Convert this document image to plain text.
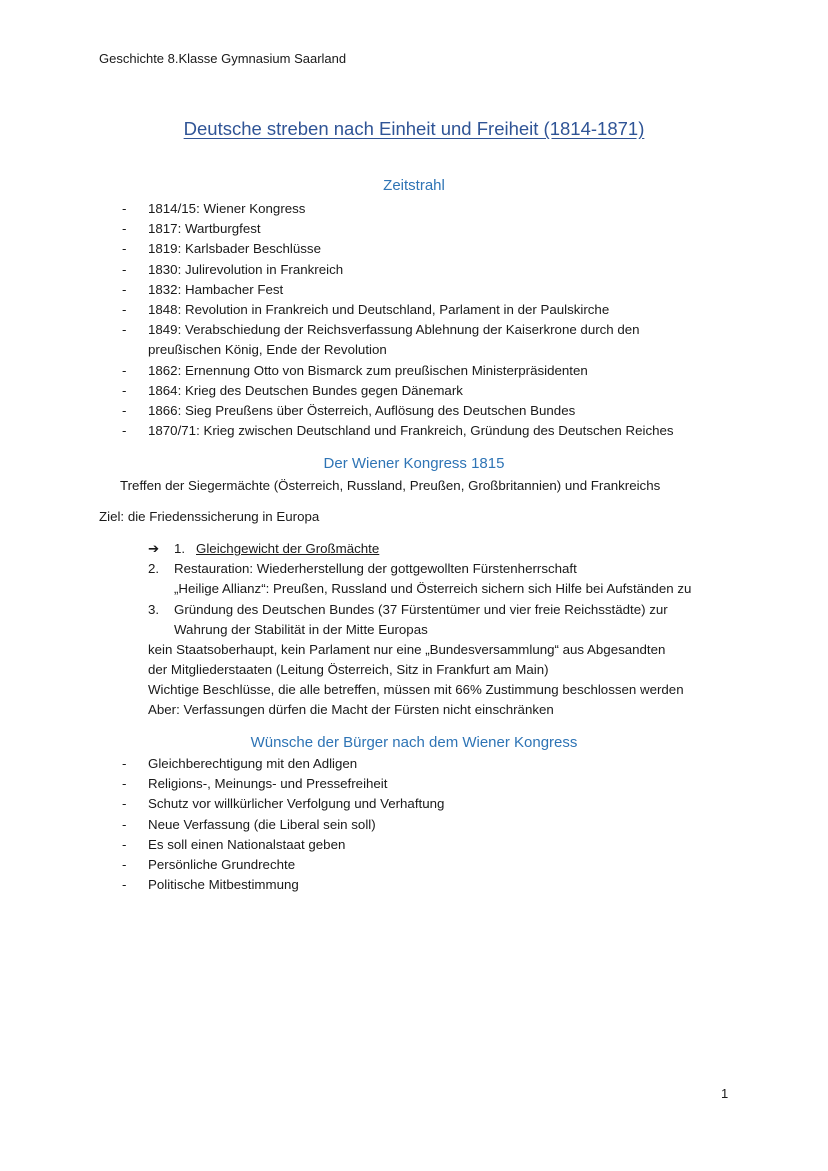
Geschichte 8.Klasse Gymnasium Saarland
Deutsche streben nach Einheit und Freiheit (1814-1871)
Zeitstrahl
- 1814/15: Wiener Kongress
- 1817: Wartburgfest
- 1819: Karlsbader Beschlüsse
- 1830: Julirevolution in Frankreich
- 1832: Hambacher Fest
- 1848: Revolution in Frankreich und Deutschland, Parlament in der Paulskirche
- 1849: Verabschiedung der Reichsverfassung Ablehnung der Kaiserkrone durch den
preußischen König, Ende der Revolution
- 1862: Ernennung Otto von Bismarck zum preußischen Ministerpräsidenten
- 1864: Krieg des Deutschen Bundes gegen Dänemark
- 1866: Sieg Preußens über Österreich, Auflösung des Deutschen Bundes
- 1870/71: Krieg zwischen Deutschland und Frankreich, Gründung des Deutschen Reiches
Der Wiener Kongress 1815
Treffen der Siegermächte (Österreich, Russland, Preußen, Großbritannien) und Frankreichs
Ziel: die Friedenssicherung in Europa
➔ 1. Gleichgewicht der Großmächte
2. Restauration: Wiederherstellung der gottgewollten Fürstenherrschaft
„Heilige Allianz“: Preußen, Russland und Österreich sichern sich Hilfe bei Aufständen zu
3. Gründung des Deutschen Bundes (37 Fürstentümer und vier freie Reichsstädte) zur
Wahrung der Stabilität in der Mitte Europas
kein Staatsoberhaupt, kein Parlament nur eine „Bundesversammlung“ aus Abgesandten
der Mitgliederstaaten (Leitung Österreich, Sitz in Frankfurt am Main)
Wichtige Beschlüsse, die alle betreffen, müssen mit 66% Zustimmung beschlossen werden
Aber: Verfassungen dürfen die Macht der Fürsten nicht einschränken
Wünsche der Bürger nach dem Wiener Kongress
- Gleichberechtigung mit den Adligen
- Religions-, Meinungs- und Pressefreiheit
- Schutz vor willkürlicher Verfolgung und Verhaftung
- Neue Verfassung (die Liberal sein soll)
- Es soll einen Nationalstaat geben
- Persönliche Grundrechte
- Politische Mitbestimmung
1
